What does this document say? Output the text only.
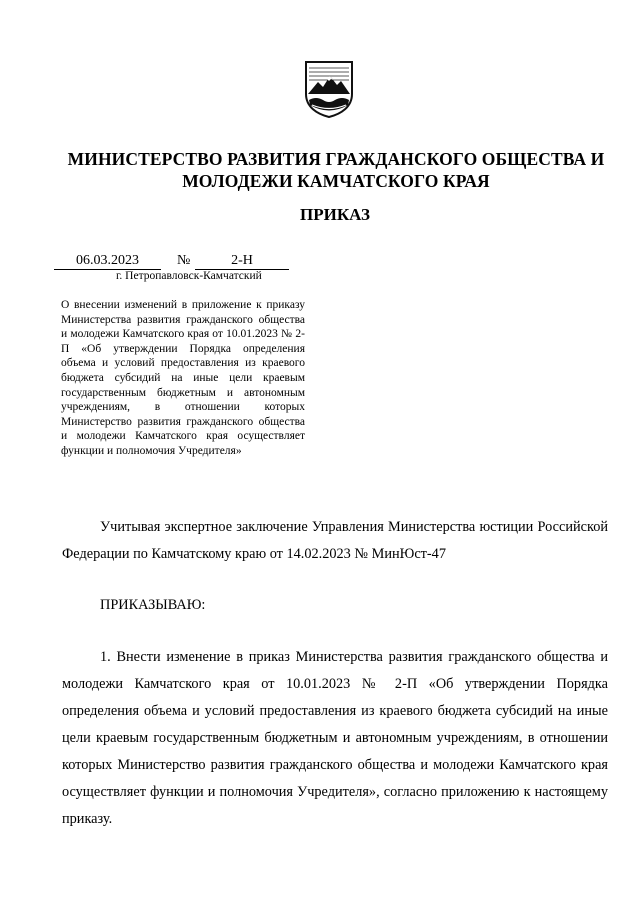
МИНИСТЕРСТВО РАЗВИТИЯ ГРАЖДАНСКОГО ОБЩЕСТВА И МОЛОДЕЖИ КАМЧАТСКОГО КРАЯ
ПРИКАЗ
06.03.2023	№	2-Н
г. Петропавловск-Камчатский
О внесении изменений в приложение к приказу Министерства развития гражданского общества и молодежи Камчатского края от 10.01.2023 № 2-П «Об утверждении Порядка определения объема и условий предоставления из краевого бюджета субсидий на иные цели краевым государственным бюджетным и автономным учреждениям, в отношении которых Министерство развития гражданского общества и молодежи Камчатского края осуществляет функции и полномочия Учредителя»
Учитывая экспертное заключение Управления Министерства юстиции Российской Федерации по Камчатскому краю от 14.02.2023 № МинЮст-47
ПРИКАЗЫВАЮ:
1. Внести изменение в приказ Министерства развития гражданского общества и молодежи Камчатского края от 10.01.2023 № 2-П «Об утверждении Порядка определения объема и условий предоставления из краевого бюджета субсидий на иные цели краевым государственным бюджетным и автономным учреждениям, в отношении которых Министерство развития гражданского общества и молодежи Камчатского края осуществляет функции и полномочия Учредителя», согласно приложению к настоящему приказу.
